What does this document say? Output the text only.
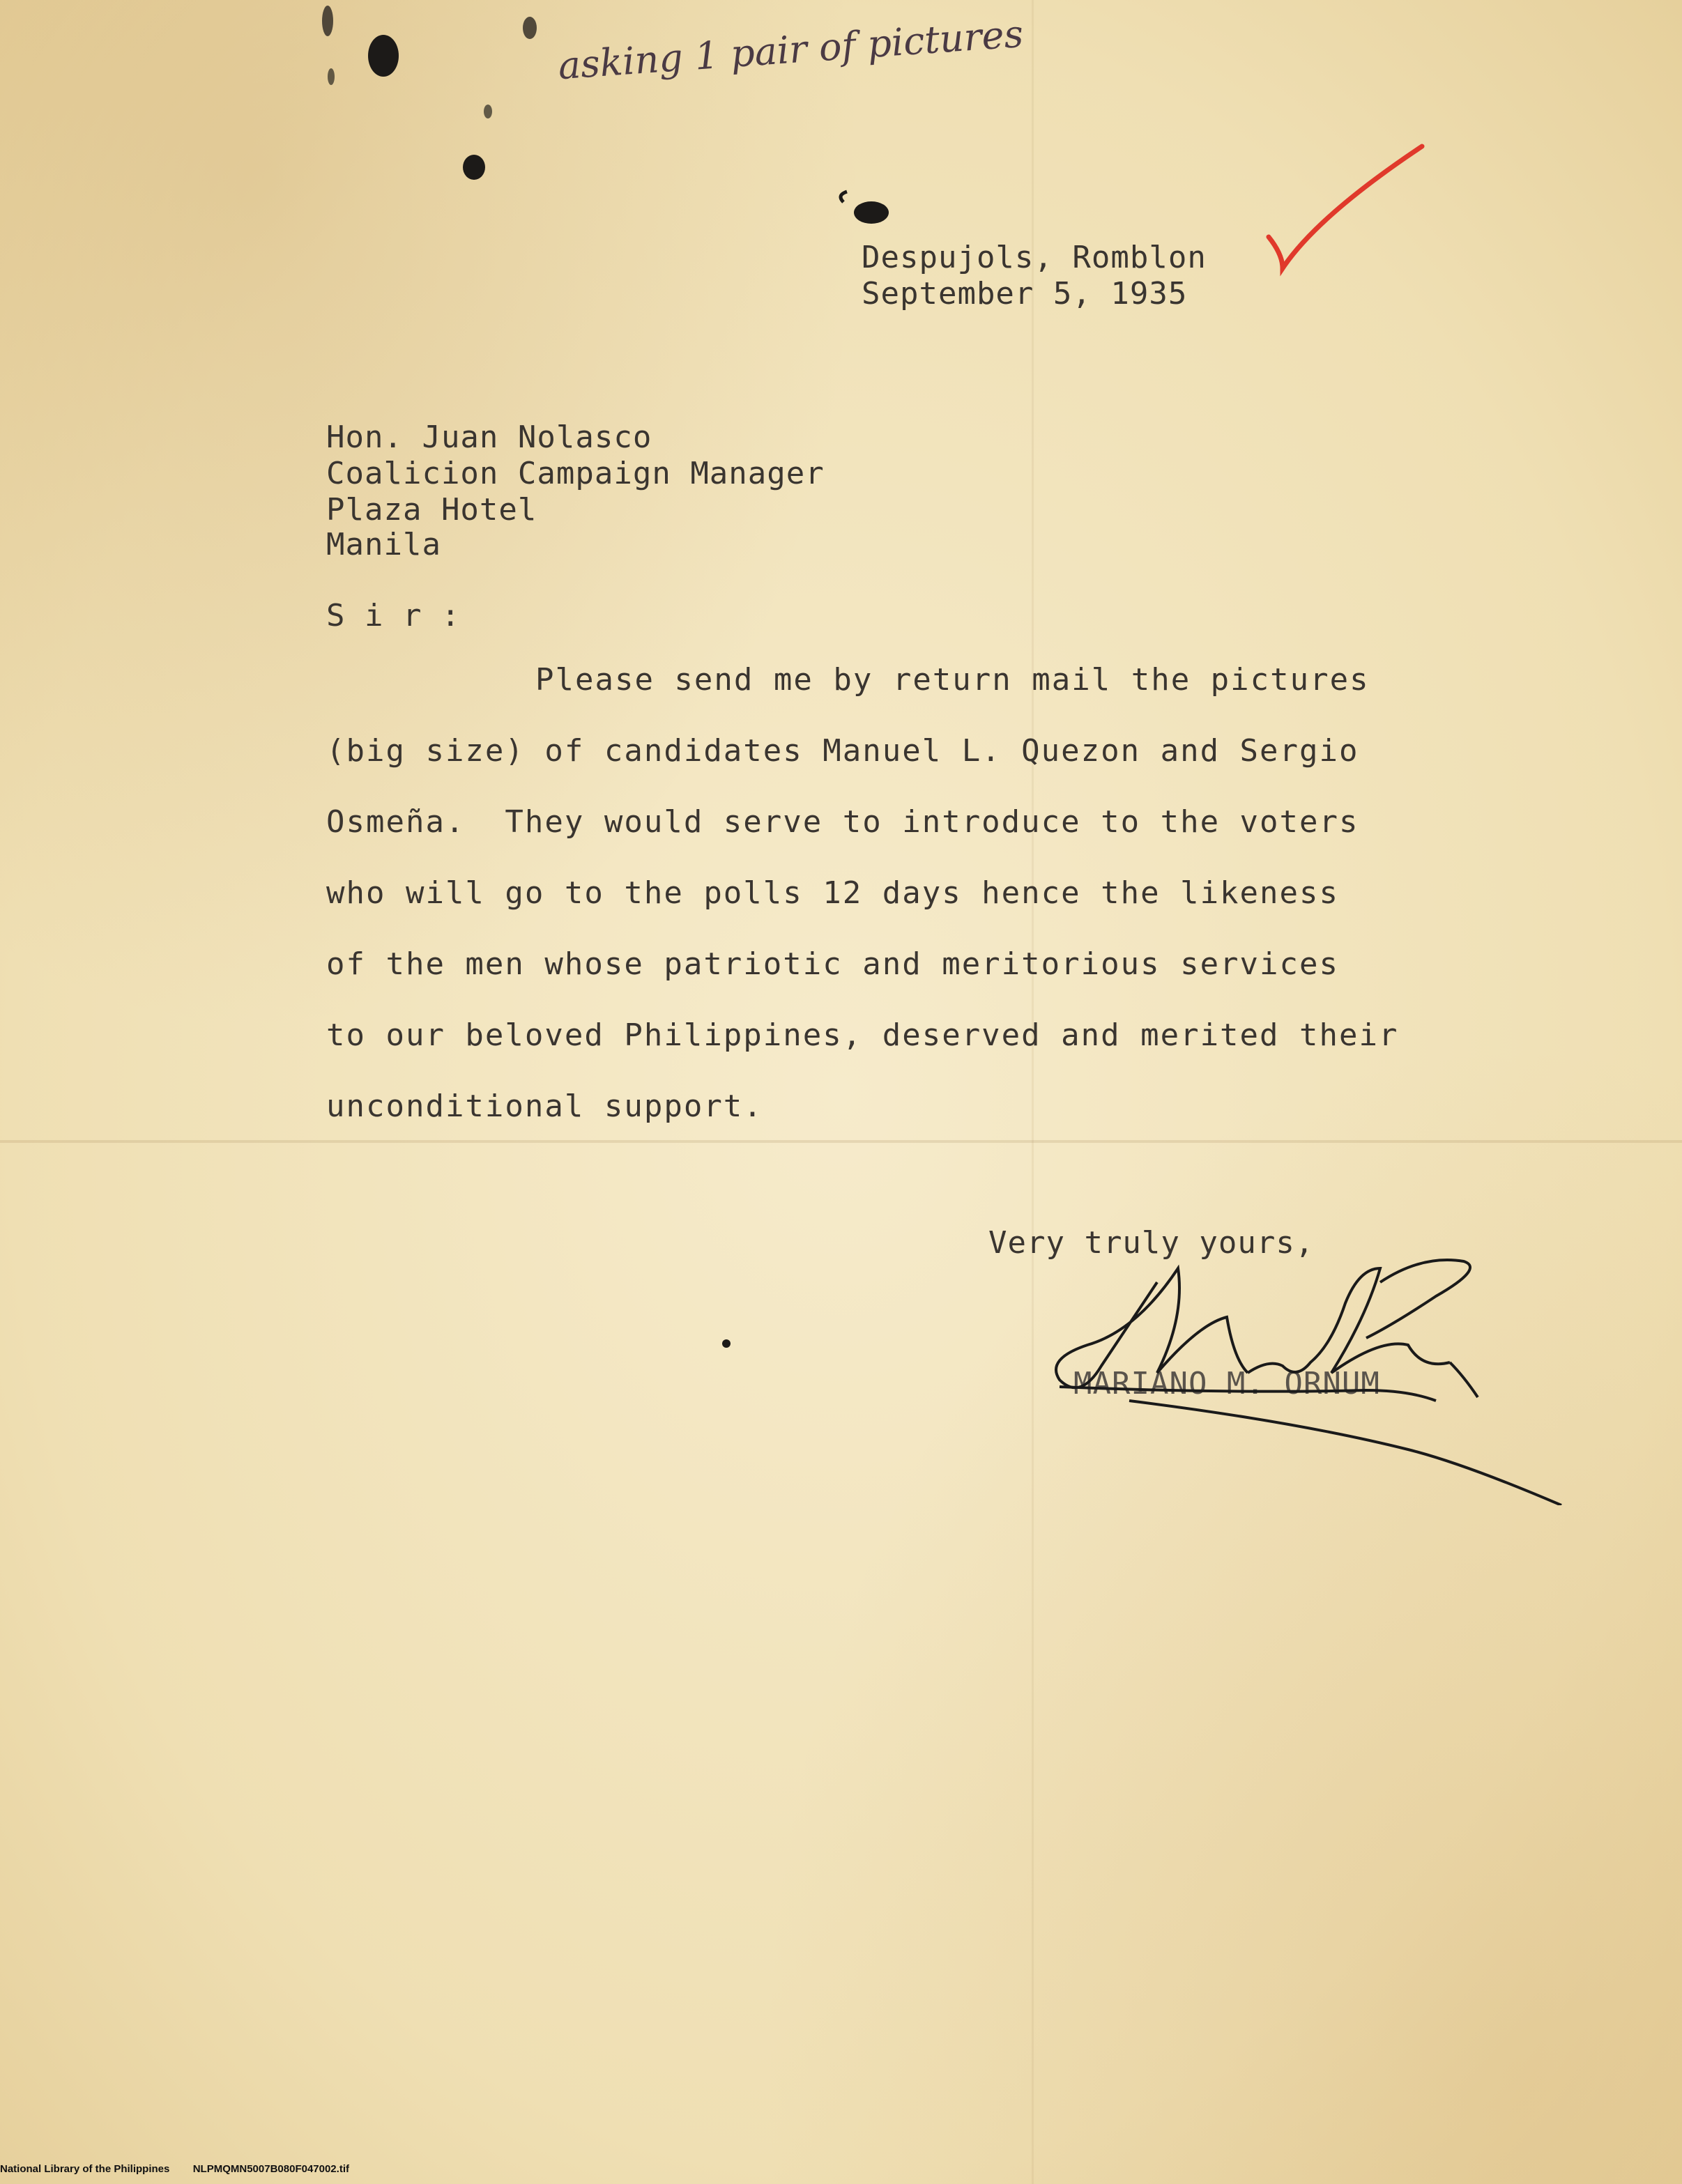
asking 1 pair of pictures
Despujols, Romblon
September 5, 1935
Hon. Juan Nolasco
Coalicion Campaign Manager
Plaza Hotel
Manila
S i r :
Please send me by return mail the pictures
(big size) of candidates Manuel L. Quezon and Sergio
Osmeña.  They would serve to introduce to the voters
who will go to the polls 12 days hence the likeness
of the men whose patriotic and meritorious services
to our beloved Philippines, deserved and merited their
unconditional support.
Very truly yours,
MARIANO M. ORNUM
National Library of the Philippines NLPMQMN5007B080F047002.tif
